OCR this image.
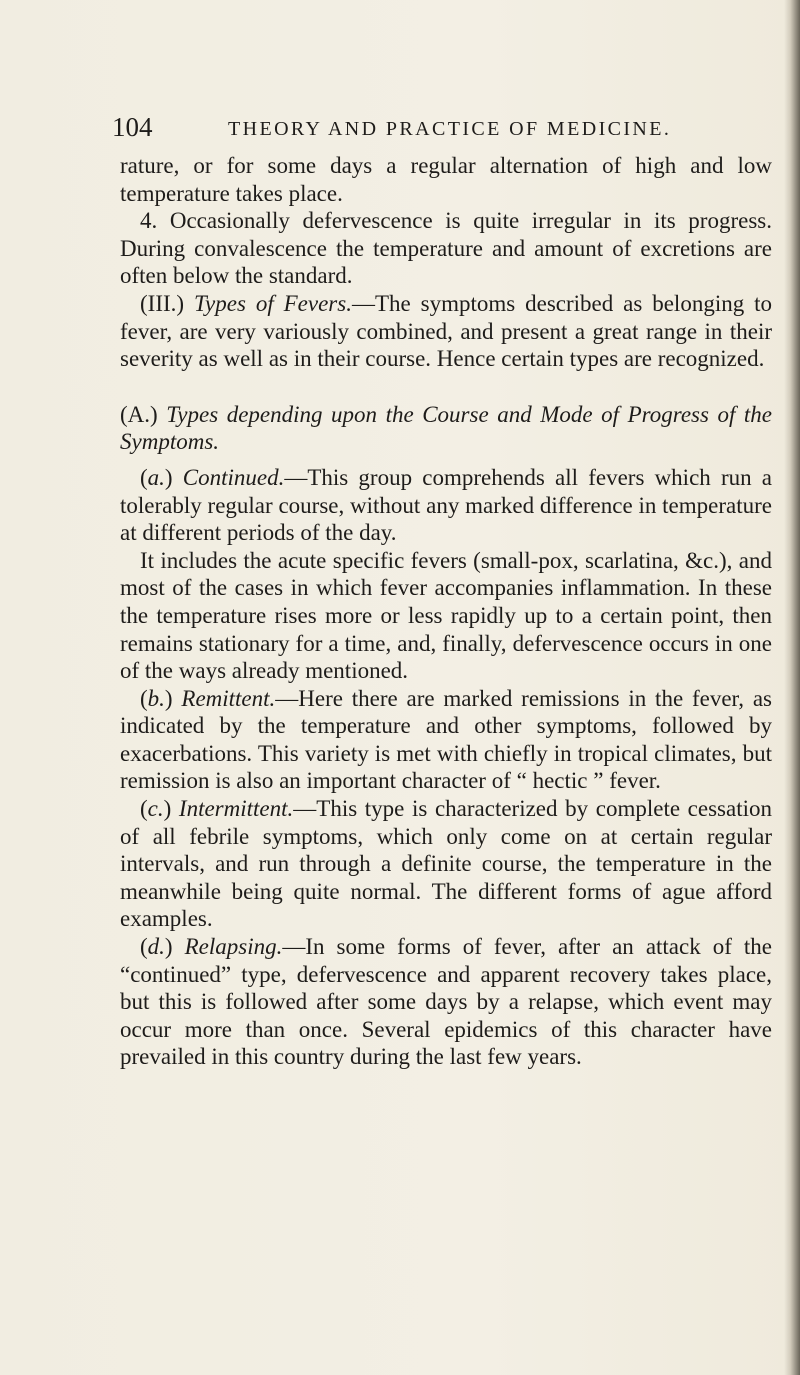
104	THEORY AND PRACTICE OF MEDICINE.

rature, or for some days a regular alternation of high and low temperature takes place.

4. Occasionally defervescence is quite irregular in its progress. During convalescence the temperature and amount of excretions are often below the standard.

(III.) Types of Fevers.—The symptoms described as belonging to fever, are very variously combined, and present a great range in their severity as well as in their course. Hence certain types are recognized.

(A.) Types depending upon the Course and Mode of Progress of the Symptoms.

(a.) Continued.—This group comprehends all fevers which run a tolerably regular course, without any marked difference in temperature at different periods of the day.

It includes the acute specific fevers (small-pox, scarlatina, &c.), and most of the cases in which fever accompanies inflammation. In these the temperature rises more or less rapidly up to a certain point, then remains stationary for a time, and, finally, defervescence occurs in one of the ways already mentioned.

(b.) Remittent.—Here there are marked remissions in the fever, as indicated by the temperature and other symptoms, followed by exacerbations. This variety is met with chiefly in tropical climates, but remission is also an important character of “ hectic ” fever.

(c.) Intermittent.—This type is characterized by complete cessation of all febrile symptoms, which only come on at certain regular intervals, and run through a definite course, the temperature in the meanwhile being quite normal. The different forms of ague afford examples.

(d.) Relapsing.—In some forms of fever, after an attack of the “continued” type, defervescence and apparent recovery takes place, but this is followed after some days by a relapse, which event may occur more than once. Several epidemics of this character have prevailed in this country during the last few years.
